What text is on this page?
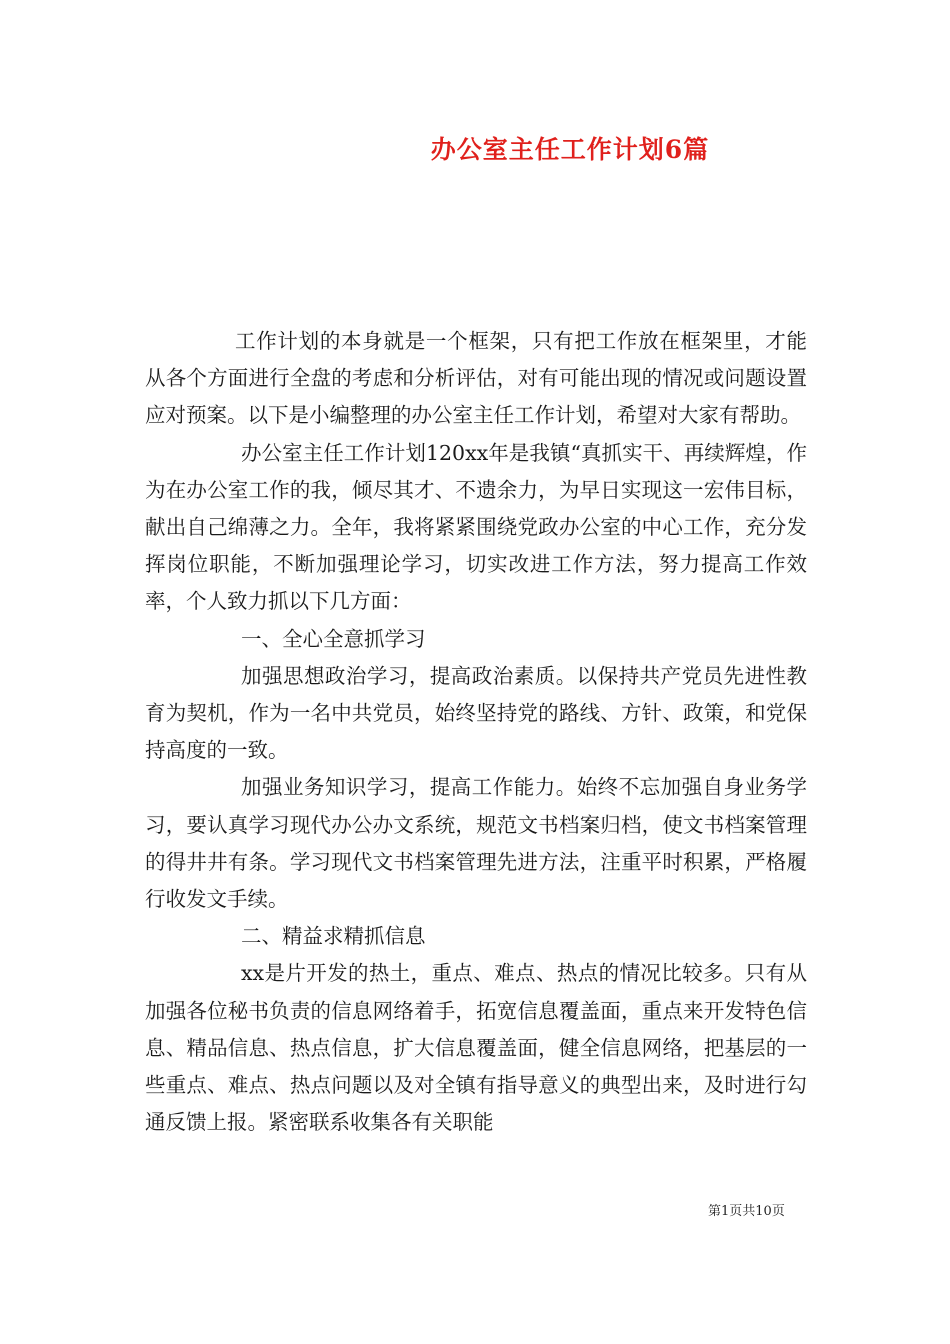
办公室主任工作计划6篇

工作计划的本身就是一个框架，只有把工作放在框架里，才能从各个方面进行全盘的考虑和分析评估，对有可能出现的情况或问题设置应对预案。以下是小编整理的办公室主任工作计划，希望对大家有帮助。

办公室主任工作计划120xx年是我镇“真抓实干、再续辉煌，作为在办公室工作的我，倾尽其才、不遗余力，为早日实现这一宏伟目标，献出自己绵薄之力。全年，我将紧紧围绕党政办公室的中心工作，充分发挥岗位职能，不断加强理论学习，切实改进工作方法，努力提高工作效率，个人致力抓以下几方面：

一、全心全意抓学习

加强思想政治学习，提高政治素质。以保持共产党员先进性教育为契机，作为一名中共党员，始终坚持党的路线、方针、政策，和党保持高度的一致。

加强业务知识学习，提高工作能力。始终不忘加强自身业务学习，要认真学习现代办公办文系统，规范文书档案归档，使文书档案管理的得井井有条。学习现代文书档案管理先进方法，注重平时积累，严格履行收发文手续。

二、精益求精抓信息

xx是片开发的热土，重点、难点、热点的情况比较多。只有从加强各位秘书负责的信息网络着手，拓宽信息覆盖面，重点来开发特色信息、精品信息、热点信息，扩大信息覆盖面，健全信息网络，把基层的一些重点、难点、热点问题以及对全镇有指导意义的典型出来，及时进行勾通反馈上报。紧密联系收集各有关职能

第1页共10页
